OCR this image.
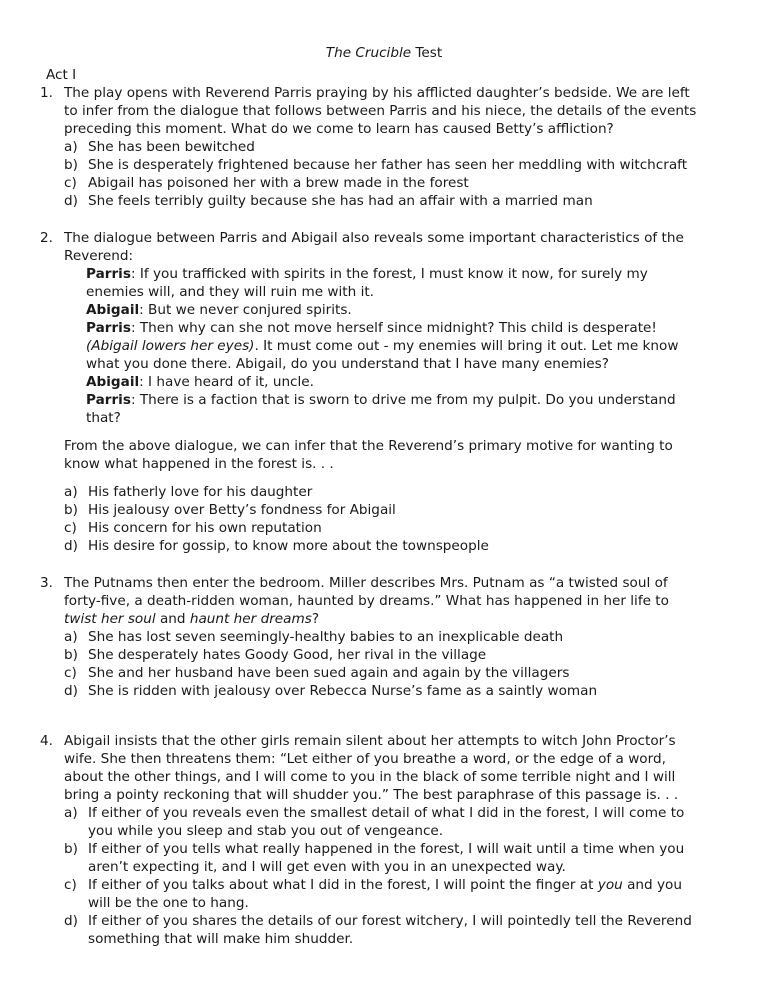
The Crucible Test
Act I
1. The play opens with Reverend Parris praying by his afflicted daughter’s bedside. We are left to infer from the dialogue that follows between Parris and his niece, the details of the events preceding this moment. What do we come to learn has caused Betty’s affliction?

a) She has been bewitched
b) She is desperately frightened because her father has seen her meddling with witchcraft
c) Abigail has poisoned her with a brew made in the forest
d) She feels terribly guilty because she has had an affair with a married man
2. The dialogue between Parris and Abigail also reveals some important characteristics of the Reverend:

Parris: If you trafficked with spirits in the forest, I must know it now, for surely my enemies will, and they will ruin me with it.

Abigail: But we never conjured spirits.

Parris: Then why can she not move herself since midnight? This child is desperate! (Abigail lowers her eyes). It must come out - my enemies will bring it out. Let me know what you done there. Abigail, do you understand that I have many enemies?

Abigail: I have heard of it, uncle.

Parris: There is a faction that is sworn to drive me from my pulpit. Do you understand that?

From the above dialogue, we can infer that the Reverend’s primary motive for wanting to know what happened in the forest is. . .

a) His fatherly love for his daughter
b) His jealousy over Betty’s fondness for Abigail
c) His concern for his own reputation
d) His desire for gossip, to know more about the townspeople
3. The Putnams then enter the bedroom. Miller describes Mrs. Putnam as “a twisted soul of forty-five, a death-ridden woman, haunted by dreams.” What has happened in her life to twist her soul and haunt her dreams?

a) She has lost seven seemingly-healthy babies to an inexplicable death
b) She desperately hates Goody Good, her rival in the village
c) She and her husband have been sued again and again by the villagers
d) She is ridden with jealousy over Rebecca Nurse’s fame as a saintly woman
4. Abigail insists that the other girls remain silent about her attempts to witch John Proctor’s wife. She then threatens them: “Let either of you breathe a word, or the edge of a word, about the other things, and I will come to you in the black of some terrible night and I will bring a pointy reckoning that will shudder you.” The best paraphrase of this passage is. . .

a) If either of you reveals even the smallest detail of what I did in the forest, I will come to you while you sleep and stab you out of vengeance.
b) If either of you tells what really happened in the forest, I will wait until a time when you aren’t expecting it, and I will get even with you in an unexpected way.
c) If either of you talks about what I did in the forest, I will point the finger at you and you will be the one to hang.
d) If either of you shares the details of our forest witchery, I will pointedly tell the Reverend something that will make him shudder.
